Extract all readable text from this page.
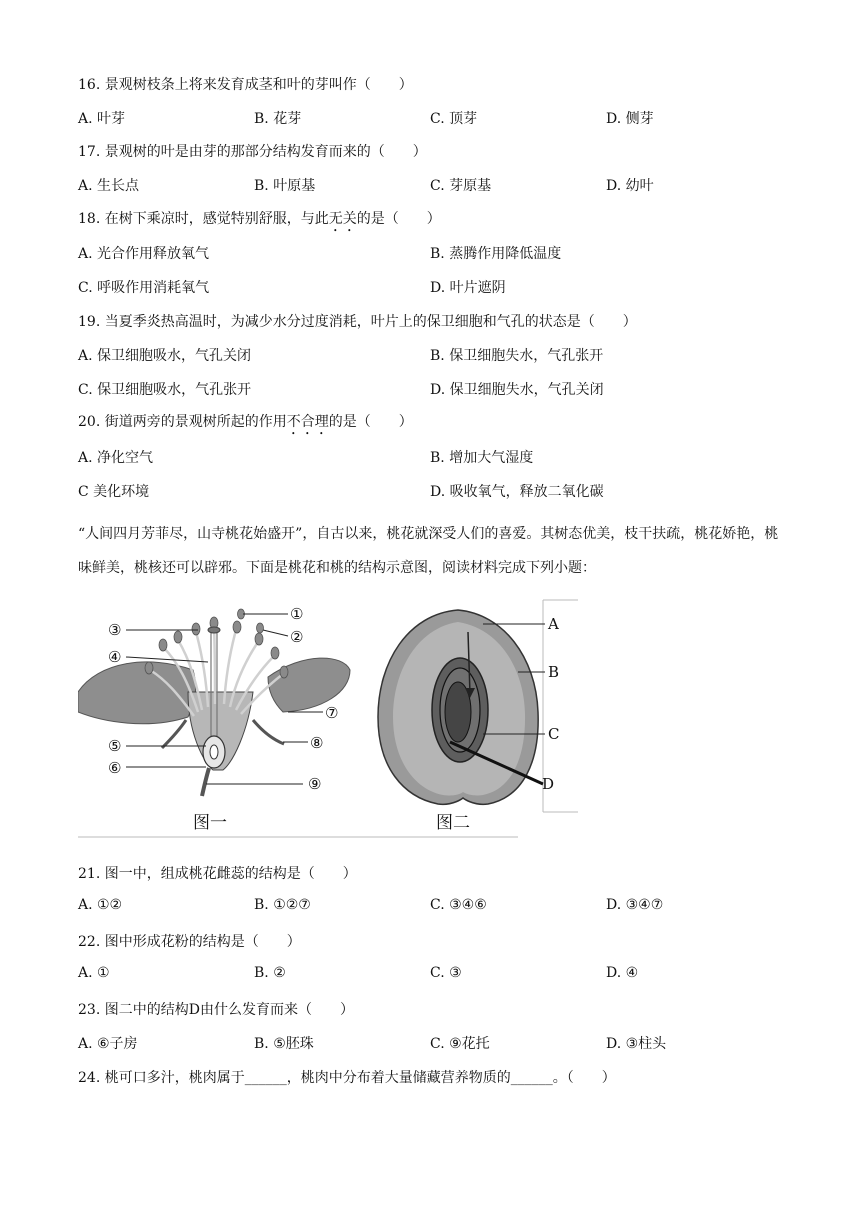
16. 景观树枝条上将来发育成茎和叶的芽叫作（　　）
A. 叶芽	B. 花芽	C. 顶芽	D. 侧芽
17. 景观树的叶是由芽的那部分结构发育而来的（　　）
A. 生长点	B. 叶原基	C. 芽原基	D. 幼叶
18. 在树下乘凉时，感觉特别舒服，与此无关的是（　　）
A. 光合作用释放氧气	B. 蒸腾作用降低温度
C. 呼吸作用消耗氧气	D. 叶片遮阴
19. 当夏季炎热高温时，为减少水分过度消耗，叶片上的保卫细胞和气孔的状态是（　　）
A. 保卫细胞吸水，气孔关闭	B. 保卫细胞失水，气孔张开
C. 保卫细胞吸水，气孔张开	D. 保卫细胞失水，气孔关闭
20. 街道两旁的景观树所起的作用不合理的是（　　）
A. 净化空气	B. 增加大气湿度
C 美化环境	D. 吸收氧气，释放二氧化碳
“人间四月芳菲尽，山寺桃花始盛开”，自古以来，桃花就深受人们的喜爱。其树态优美，枝干扶疏，桃花娇艳，桃味鲜美，桃核还可以辟邪。下面是桃花和桃的结构示意图，阅读材料完成下列小题：
①
②
③
④
⑦
⑤	⑧
⑥
⑨
图一
A
B
C
D
图二
21. 图一中，组成桃花雌蕊的结构是（　　）
A. ①②	B. ①②⑦	C. ③④⑥	D. ③④⑦
22. 图中形成花粉的结构是（　　）
A. ①	B. ②	C. ③	D. ④
23. 图二中的结构D由什么发育而来（　　）
A. ⑥子房	B. ⑤胚珠	C. ⑨花托	D. ③柱头
24. 桃可口多汁，桃肉属于______，桃肉中分布着大量储藏营养物质的______。（　　）
